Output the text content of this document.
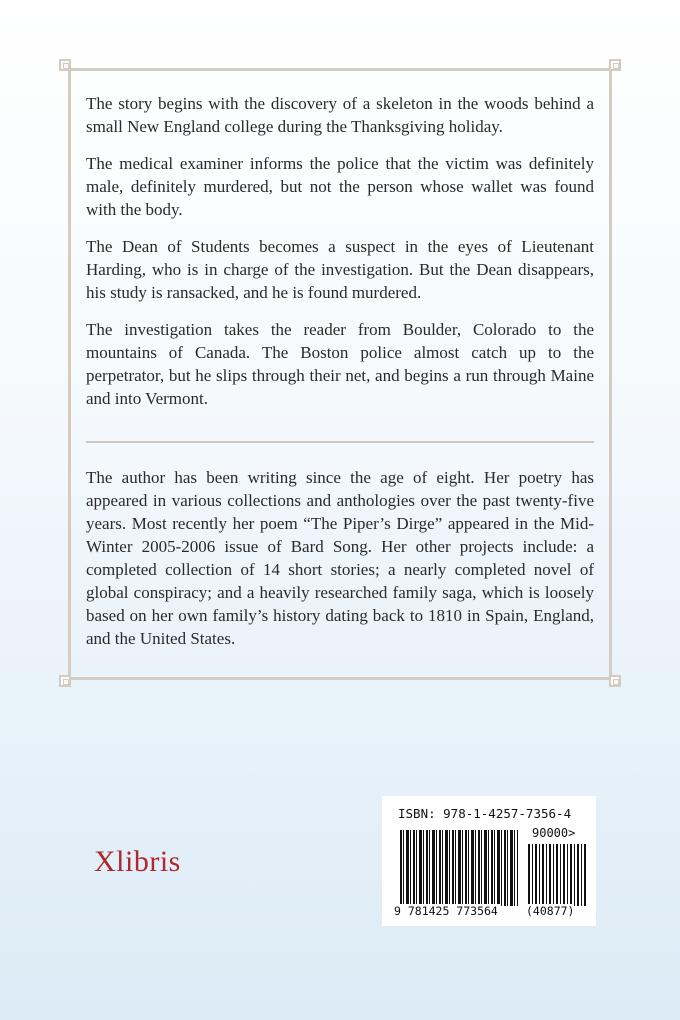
The story begins with the discovery of a skeleton in the woods behind a small New England college during the Thanksgiving holiday.

The medical examiner informs the police that the victim was definitely male, definitely murdered, but not the person whose wallet was found with the body.

The Dean of Students becomes a suspect in the eyes of Lieutenant Harding, who is in charge of the investigation. But the Dean disappears, his study is ransacked, and he is found murdered.

The investigation takes the reader from Boulder, Colorado to the mountains of Canada. The Boston police almost catch up to the perpetrator, but he slips through their net, and begins a run through Maine and into Vermont.

The author has been writing since the age of eight. Her poetry has appeared in various collections and anthologies over the past twenty-five years. Most recently her poem “The Piper’s Dirge” appeared in the Mid-Winter 2005-2006 issue of Bard Song. Her other projects include: a completed collection of 14 short stories; a nearly completed novel of global conspiracy; and a heavily researched family saga, which is loosely based on her own family’s history dating back to 1810 in Spain, England, and the United States.

Xlibris
ISBN: 978-1-4257-7356-4
90000>
9 781425 773564 (40877)
